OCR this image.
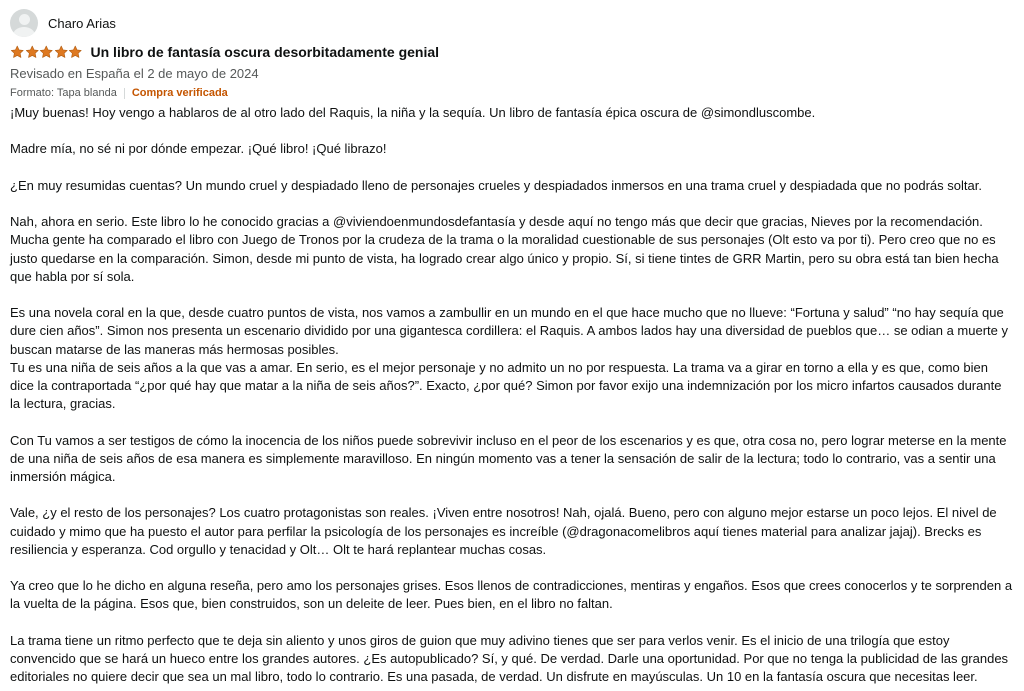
Charo Arias
Un libro de fantasía oscura desorbitadamente genial
Revisado en España el 2 de mayo de 2024
Formato: Tapa blanda Compra verificada

¡Muy buenas! Hoy vengo a hablaros de al otro lado del Raquis, la niña y la sequía. Un libro de fantasía épica oscura de @simondluscombe.

Madre mía, no sé ni por dónde empezar. ¡Qué libro! ¡Qué librazo!

¿En muy resumidas cuentas? Un mundo cruel y despiadado lleno de personajes crueles y despiadados inmersos en una trama cruel y despiadada que no podrás soltar.

Nah, ahora en serio. Este libro lo he conocido gracias a @viviendoenmundosdefantasía y desde aquí no tengo más que decir que gracias, Nieves por la recomendación. Mucha gente ha comparado el libro con Juego de Tronos por la crudeza de la trama o la moralidad cuestionable de sus personajes (Olt esto va por ti). Pero creo que no es justo quedarse en la comparación. Simon, desde mi punto de vista, ha logrado crear algo único y propio. Sí, si tiene tintes de GRR Martin, pero su obra está tan bien hecha que habla por sí sola.

Es una novela coral en la que, desde cuatro puntos de vista, nos vamos a zambullir en un mundo en el que hace mucho que no llueve: “Fortuna y salud” “no hay sequía que dure cien años”. Simon nos presenta un escenario dividido por una gigantesca cordillera: el Raquis. A ambos lados hay una diversidad de pueblos que… se odian a muerte y buscan matarse de las maneras más hermosas posibles.

Tu es una niña de seis años a la que vas a amar. En serio, es el mejor personaje y no admito un no por respuesta. La trama va a girar en torno a ella y es que, como bien dice la contraportada “¿por qué hay que matar a la niña de seis años?”. Exacto, ¿por qué? Simon por favor exijo una indemnización por los micro infartos causados durante la lectura, gracias.

Con Tu vamos a ser testigos de cómo la inocencia de los niños puede sobrevivir incluso en el peor de los escenarios y es que, otra cosa no, pero lograr meterse en la mente de una niña de seis años de esa manera es simplemente maravilloso. En ningún momento vas a tener la sensación de salir de la lectura; todo lo contrario, vas a sentir una inmersión mágica.

Vale, ¿y el resto de los personajes? Los cuatro protagonistas son reales. ¡Viven entre nosotros! Nah, ojalá. Bueno, pero con alguno mejor estarse un poco lejos. El nivel de cuidado y mimo que ha puesto el autor para perfilar la psicología de los personajes es increíble (@dragonacomelibros aquí tienes material para analizar jajaj). Brecks es resiliencia y esperanza. Cod orgullo y tenacidad y Olt… Olt te hará replantear muchas cosas.

Ya creo que lo he dicho en alguna reseña, pero amo los personajes grises. Esos llenos de contradicciones, mentiras y engaños. Esos que crees conocerlos y te sorprenden a la vuelta de la página. Esos que, bien construidos, son un deleite de leer. Pues bien, en el libro no faltan.

La trama tiene un ritmo perfecto que te deja sin aliento y unos giros de guion que muy adivino tienes que ser para verlos venir. Es el inicio de una trilogía que estoy convencido que se hará un hueco entre los grandes autores. ¿Es autopublicado? Sí, y qué. De verdad. Darle una oportunidad. Por que no tenga la publicidad de las grandes editoriales no quiere decir que sea un mal libro, todo lo contrario. Es una pasada, de verdad. Un disfrute en mayúsculas. Un 10 en la fantasía oscura que necesitas leer.
